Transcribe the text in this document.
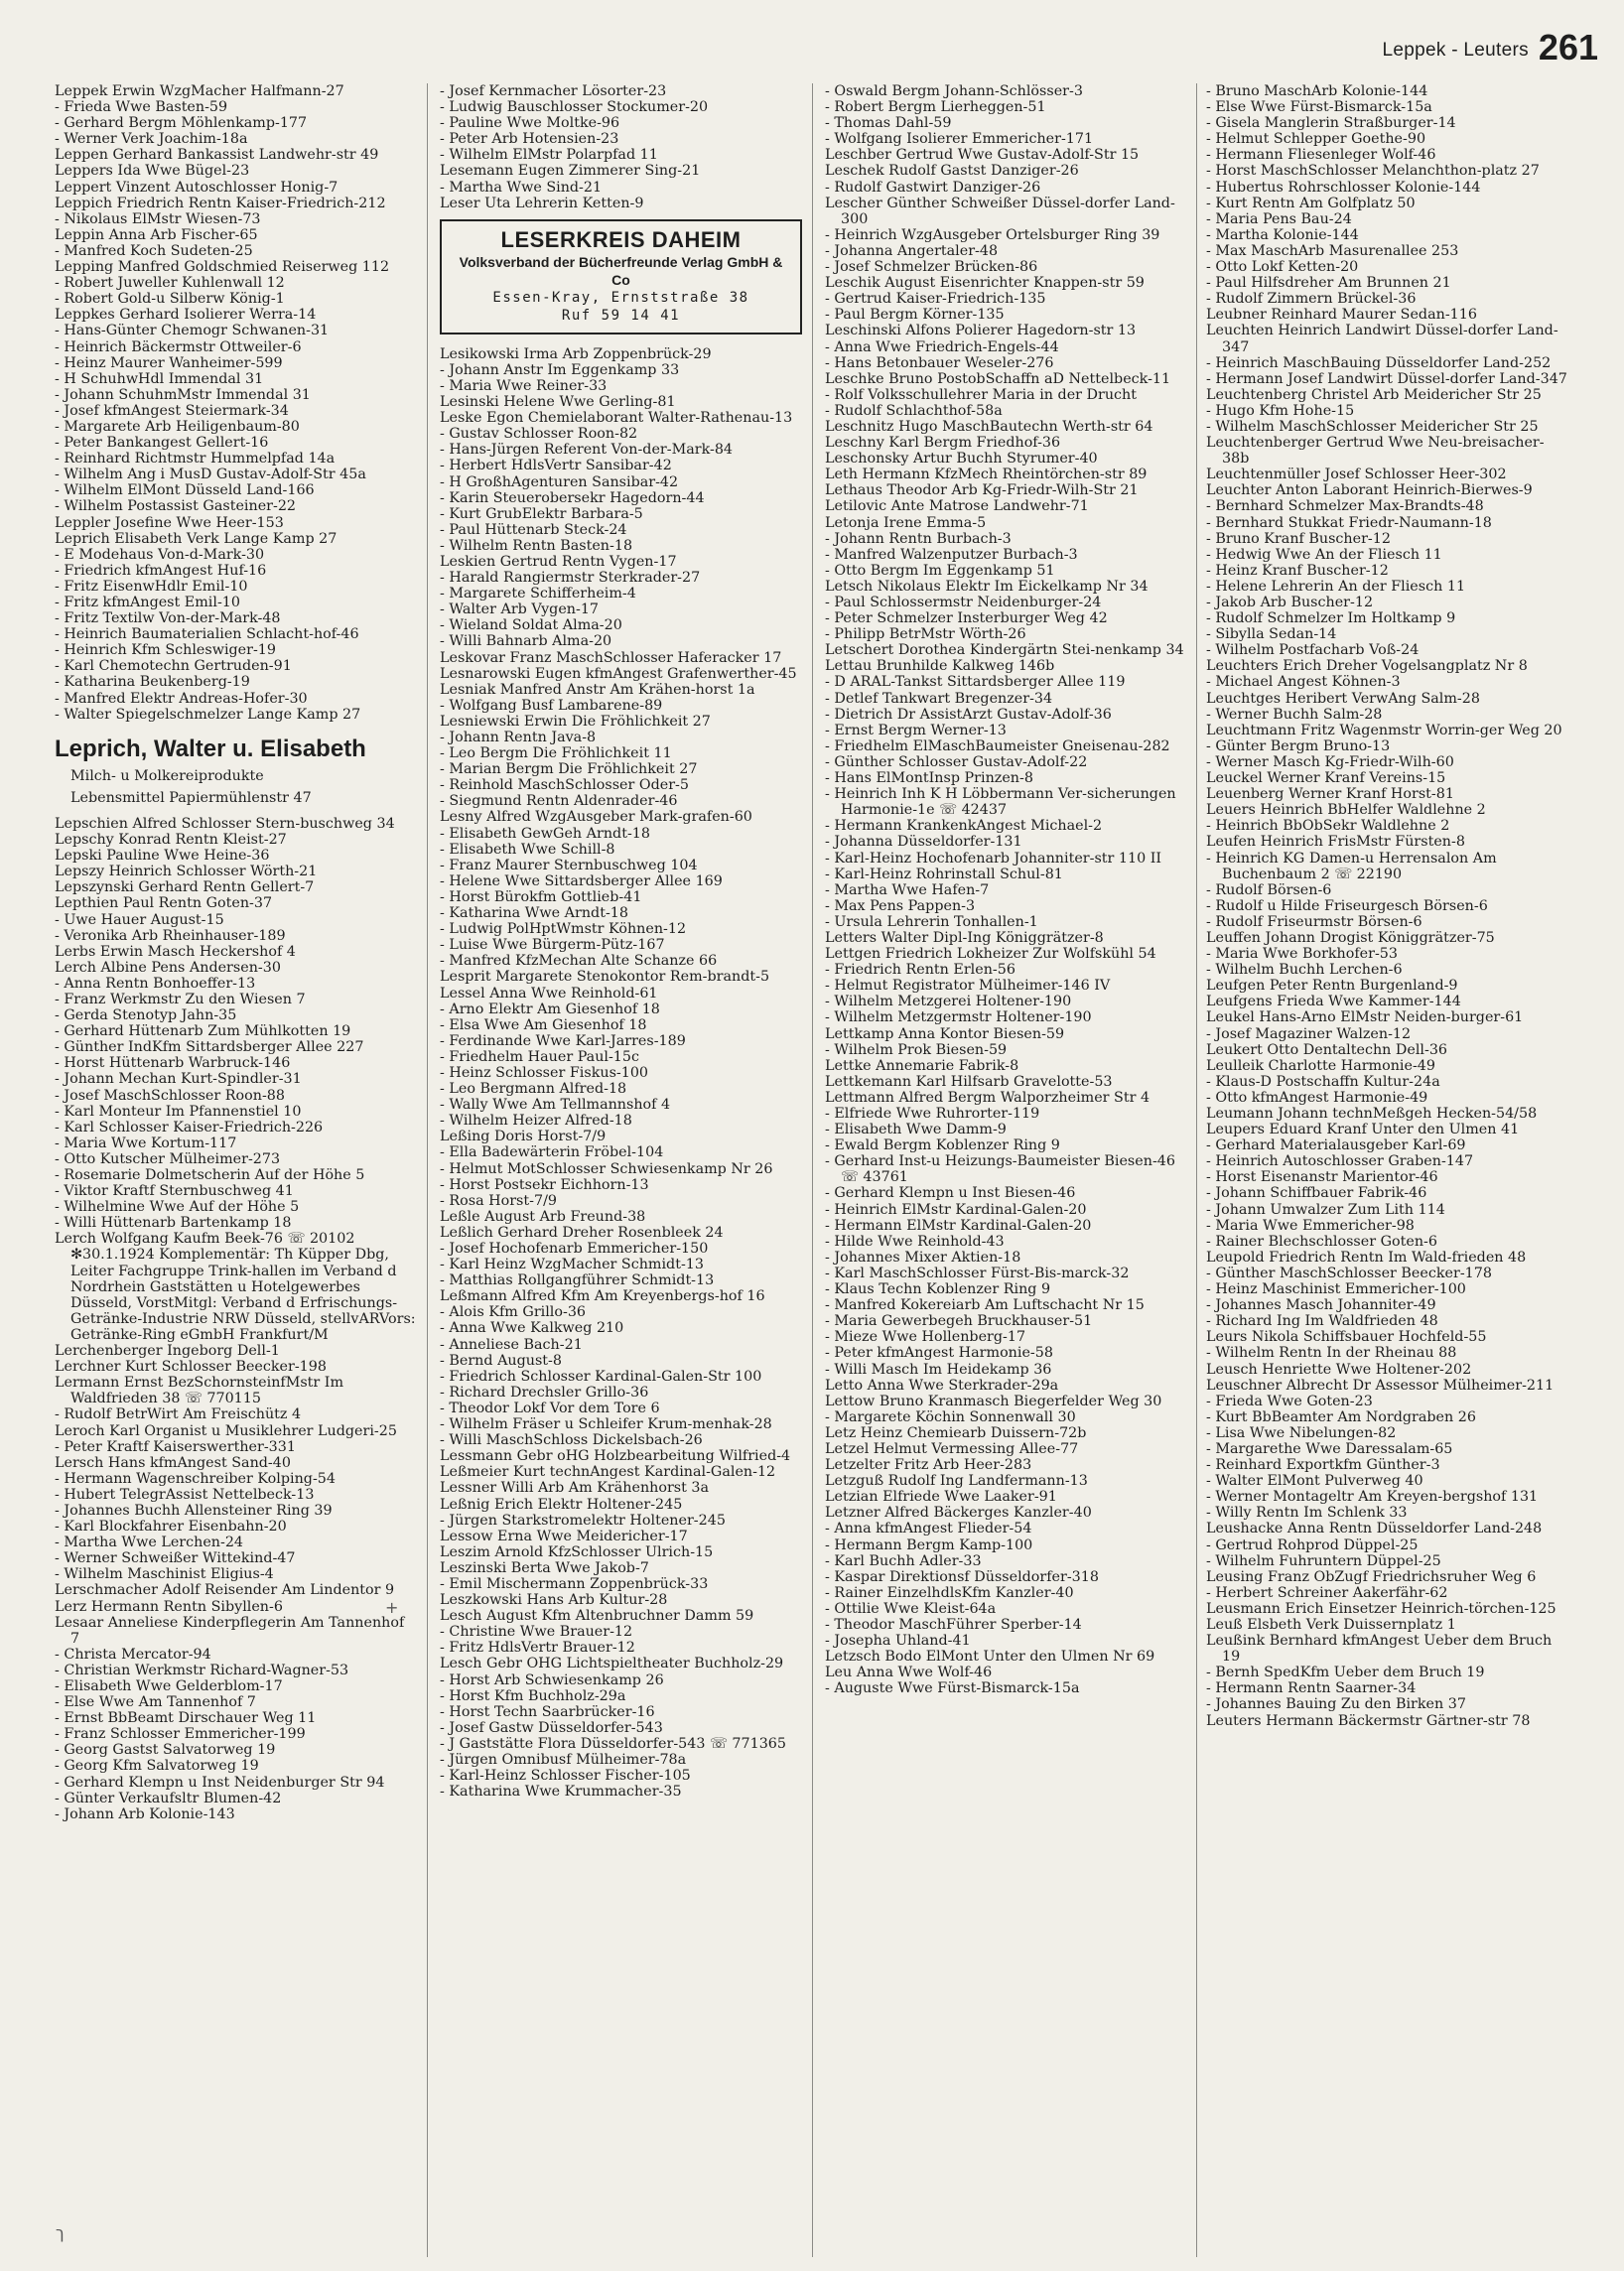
Leppek - Leuters 261
Leppek Erwin WzgMacher Halfmann-27
- Frieda Wwe Basten-59
- Gerhard Bergm Möhlenkamp-177
- Werner Verk Joachim-18a
Leppen Gerhard Bankassist Landwehr-str 49
Leppers Ida Wwe Bügel-23
Leppert Vinzent Autoschlosser Honig-7
Leppich Friedrich Rentn Kaiser-Friedrich-212
- Nikolaus ElMstr Wiesen-73
Leppin Anna Arb Fischer-65
- Manfred Koch Sudeten-25
Lepping Manfred Goldschmied Reiserweg 112
- Robert Juweller Kuhlenwall 12
- Robert Gold-u Silberw König-1
Leppkes Gerhard Isolierer Werra-14
- Hans-Günter Chemogr Schwanen-31
- Heinrich Bäckermstr Ottweiler-6
- Heinz Maurer Wanheimer-599
- H SchuhwHdl Immendal 31
- Johann SchuhmMstr Immendal 31
- Josef kfmAngest Steiermark-34
- Margarete Arb Heiligenbaum-80
- Peter Bankangest Gellert-16
- Reinhard Richtmstr Hummelpfad 14a
- Wilhelm Ang i MusD Gustav-Adolf-Str 45a
- Wilhelm ElMont Düsseld Land-166
- Wilhelm Postassist Gasteiner-22
Leppler Josefine Wwe Heer-153
Leprich Elisabeth Verk Lange Kamp 27
- E Modehaus Von-d-Mark-30
- Friedrich kfmAngest Huf-16
- Fritz EisenwHdlr Emil-10
- Fritz kfmAngest Emil-10
- Fritz Textilw Von-der-Mark-48
- Heinrich Baumaterialien Schlacht-hof-46
- Heinrich Kfm Schleswiger-19
- Karl Chemotechn Gertruden-91
- Katharina Beukenberg-19
- Manfred Elektr Andreas-Hofer-30
- Walter Spiegelschmelzer Lange Kamp 27
Leprich, Walter u. Elisabeth
Milch- u Molkereiprodukte
Lebensmittel Papiermühlenstr 47
Lepschien Alfred Schlosser Stern-buschweg 34
Lepschy Konrad Rentn Kleist-27
Lepski Pauline Wwe Heine-36
Lepszy Heinrich Schlosser Wörth-21
Lepszynski Gerhard Rentn Gellert-7
Lepthien Paul Rentn Goten-37
- Uwe Hauer August-15
- Veronika Arb Rheinhauser-189
Lerbs Erwin Masch Heckershof 4
Lerch Albine Pens Andersen-30
- Anna Rentn Bonhoeffer-13
- Franz Werkmstr Zu den Wiesen 7
- Gerda Stenotyp Jahn-35
- Gerhard Hüttenarb Zum Mühlkotten 19
- Günther IndKfm Sittardsberger Allee 227
- Horst Hüttenarb Warbruck-146
- Johann Mechan Kurt-Spindler-31
- Josef MaschSchlosser Roon-88
- Karl Monteur Im Pfannenstiel 10
- Karl Schlosser Kaiser-Friedrich-226
- Maria Wwe Kortum-117
- Otto Kutscher Mülheimer-273
- Rosemarie Dolmetscherin Auf der Höhe 5
- Viktor Kraftf Sternbuschweg 41
- Wilhelmine Wwe Auf der Höhe 5
- Willi Hüttenarb Bartenkamp 18
Lerch Wolfgang Kaufm Beek-76 ☏ 20102 ✻30.1.1924 Komplementär: Th Küpper Dbg, Leiter Fachgruppe Trink-hallen im Verband d Nordrhein Gaststätten u Hotelgewerbes Düsseld, VorstMitgl: Verband d Erfrischungs-Getränke-Industrie NRW Düsseld, stellvARVors: Getränke-Ring eGmbH Frankfurt/M
Lerchenberger Ingeborg Dell-1
Lerchner Kurt Schlosser Beecker-198
Lermann Ernst BezSchornsteinfMstr Im Waldfrieden 38 ☏ 770115
- Rudolf BetrWirt Am Freischütz 4
Leroch Karl Organist u Musiklehrer Ludgeri-25
- Peter Kraftf Kaiserswerther-331
Lersch Hans kfmAngest Sand-40
- Hermann Wagenschreiber Kolping-54
- Hubert TelegrAssist Nettelbeck-13
- Johannes Buchh Allensteiner Ring 39
- Karl Blockfahrer Eisenbahn-20
- Martha Wwe Lerchen-24
- Werner Schweißer Wittekind-47
- Wilhelm Maschinist Eligius-4
Lerschmacher Adolf Reisender Am Lindentor 9
Lerz Hermann Rentn Sibyllen-6
Lesaar Anneliese Kinderpflegerin Am Tannenhof 7
- Christa Mercator-94
- Christian Werkmstr Richard-Wagner-53
- Elisabeth Wwe Gelderblom-17
- Else Wwe Am Tannenhof 7
- Ernst BbBeamt Dirschauer Weg 11
- Franz Schlosser Emmericher-199
- Georg Gastst Salvatorweg 19
- Georg Kfm Salvatorweg 19
- Gerhard Klempn u Inst Neidenburger Str 94
- Günter Verkaufsltr Blumen-42
- Johann Arb Kolonie-143
- Josef Kernmacher Lösorter-23
- Ludwig Bauschlosser Stockumer-20
- Pauline Wwe Moltke-96
- Peter Arb Hotensien-23
- Wilhelm ElMstr Polarpfad 11
Lesemann Eugen Zimmerer Sing-21
- Martha Wwe Sind-21
Leser Uta Lehrerin Ketten-9
LESERKREIS DAHEIM
Volksverband der Bücherfreunde Verlag GmbH & Co
Essen-Kray, Ernststraße 38
Ruf 59 14 41
Lesikowski Irma Arb Zoppenbrück-29
- Johann Anstr Im Eggenkamp 33
- Maria Wwe Reiner-33
Lesinski Helene Wwe Gerling-81
Leske Egon Chemielaborant Walter-Rathenau-13
- Gustav Schlosser Roon-82
- Hans-Jürgen Referent Von-der-Mark-84
- Herbert HdlsVertr Sansibar-42
- H GroßhAgenturen Sansibar-42
- Karin Steuerobersekr Hagedorn-44
- Kurt GrubElektr Barbara-5
- Paul Hüttenarb Steck-24
- Wilhelm Rentn Basten-18
Leskien Gertrud Rentn Vygen-17
- Harald Rangiermstr Sterkrader-27
- Margarete Schifferheim-4
- Walter Arb Vygen-17
- Wieland Soldat Alma-20
- Willi Bahnarb Alma-20
Leskovar Franz MaschSchlosser Haferacker 17
Lesnarowski Eugen kfmAngest Grafenwerther-45
Lesniak Manfred Anstr Am Krähen-horst 1a
- Wolfgang Busf Lambarene-89
Lesniewski Erwin Die Fröhlichkeit 27
- Johann Rentn Java-8
- Leo Bergm Die Fröhlichkeit 11
- Marian Bergm Die Fröhlichkeit 27
- Reinhold MaschSchlosser Oder-5
- Siegmund Rentn Aldenrader-46
Lesny Alfred WzgAusgeber Mark-grafen-60
- Elisabeth GewGeh Arndt-18
- Elisabeth Wwe Schill-8
- Franz Maurer Sternbuschweg 104
- Helene Wwe Sittardsberger Allee 169
- Horst Bürokfm Gottlieb-41
- Katharina Wwe Arndt-18
- Ludwig PolHptWmstr Köhnen-12
- Luise Wwe Bürgerm-Pütz-167
- Manfred KfzMechan Alte Schanze 66
Lesprit Margarete Stenokontor Rem-brandt-5
Lessel Anna Wwe Reinhold-61
- Arno Elektr Am Giesenhof 18
- Elsa Wwe Am Giesenhof 18
- Ferdinande Wwe Karl-Jarres-189
- Friedhelm Hauer Paul-15c
- Heinz Schlosser Fiskus-100
- Leo Bergmann Alfred-18
- Wally Wwe Am Tellmannshof 4
- Wilhelm Heizer Alfred-18
Leßing Doris Horst-7/9
- Ella Badewärterin Fröbel-104
- Helmut MotSchlosser Schwiesenkamp Nr 26
- Horst Postsekr Eichhorn-13
- Rosa Horst-7/9
Leßle August Arb Freund-38
Leßlich Gerhard Dreher Rosenbleek 24
- Josef Hochofenarb Emmericher-150
- Karl Heinz WzgMacher Schmidt-13
- Matthias Rollgangführer Schmidt-13
Leßmann Alfred Kfm Am Kreyenbergs-hof 16
- Alois Kfm Grillo-36
- Anna Wwe Kalkweg 210
- Anneliese Bach-21
- Bernd August-8
- Friedrich Schlosser Kardinal-Galen-Str 100
- Richard Drechsler Grillo-36
- Theodor Lokf Vor dem Tore 6
- Wilhelm Fräser u Schleifer Krum-menhak-28
- Willi MaschSchloss Dickelsbach-26
Lessmann Gebr oHG Holzbearbeitung Wilfried-4
Leßmeier Kurt technAngest Kardinal-Galen-12
Lessner Willi Arb Am Krähenhorst 3a
Leßnig Erich Elektr Holtener-245
- Jürgen Starkstromelektr Holtener-245
Lessow Erna Wwe Meidericher-17
Leszim Arnold KfzSchlosser Ulrich-15
Leszinski Berta Wwe Jakob-7
- Emil Mischermann Zoppenbrück-33
Leszkowski Hans Arb Kultur-28
Lesch August Kfm Altenbruchner Damm 59
- Christine Wwe Brauer-12
- Fritz HdlsVertr Brauer-12
Lesch Gebr OHG Lichtspieltheater Buchholz-29
- Horst Arb Schwiesenkamp 26
- Horst Kfm Buchholz-29a
- Horst Techn Saarbrücker-16
- Josef Gastw Düsseldorfer-543
- J Gaststätte Flora Düsseldorfer-543 ☏ 771365
- Jürgen Omnibusf Mülheimer-78a
- Karl-Heinz Schlosser Fischer-105
- Katharina Wwe Krummacher-35
- Oswald Bergm Johann-Schlösser-3
- Robert Bergm Lierheggen-51
- Thomas Dahl-59
- Wolfgang Isolierer Emmericher-171
Leschber Gertrud Wwe Gustav-Adolf-Str 15
Leschek Rudolf Gastst Danziger-26
- Rudolf Gastwirt Danziger-26
Lescher Günther Schweißer Düssel-dorfer Land-300
- Heinrich WzgAusgeber Ortelsburger Ring 39
- Johanna Angertaler-48
- Josef Schmelzer Brücken-86
Leschik August Eisenrichter Knappen-str 59
- Gertrud Kaiser-Friedrich-135
- Paul Bergm Körner-135
Leschinski Alfons Polierer Hagedorn-str 13
- Anna Wwe Friedrich-Engels-44
- Hans Betonbauer Weseler-276
Leschke Bruno PostobSchaffn aD Nettelbeck-11
- Rolf Volksschullehrer Maria in der Drucht
- Rudolf Schlachthof-58a
Leschnitz Hugo MaschBautechn Werth-str 64
Leschny Karl Bergm Friedhof-36
Leschonsky Artur Buchh Styrumer-40
Leth Hermann KfzMech Rheintörchen-str 89
Lethaus Theodor Arb Kg-Friedr-Wilh-Str 21
Letilovic Ante Matrose Landwehr-71
Letonja Irene Emma-5
- Johann Rentn Burbach-3
- Manfred Walzenputzer Burbach-3
- Otto Bergm Im Eggenkamp 51
Letsch Nikolaus Elektr Im Eickelkamp Nr 34
- Paul Schlossermstr Neidenburger-24
- Peter Schmelzer Insterburger Weg 42
- Philipp BetrMstr Wörth-26
Letschert Dorothea Kindergärtn Stei-nenkamp 34
Lettau Brunhilde Kalkweg 146b
- D ARAL-Tankst Sittardsberger Allee 119
- Detlef Tankwart Bregenzer-34
- Dietrich Dr AssistArzt Gustav-Adolf-36
- Ernst Bergm Werner-13
- Friedhelm ElMaschBaumeister Gneisenau-282
- Günther Schlosser Gustav-Adolf-22
- Hans ElMontInsp Prinzen-8
- Heinrich Inh K H Löbbermann Ver-sicherungen Harmonie-1e ☏ 42437
- Hermann KrankenkAngest Michael-2
- Johanna Düsseldorfer-131
- Karl-Heinz Hochofenarb Johanniter-str 110 II
- Karl-Heinz Rohrinstall Schul-81
- Martha Wwe Hafen-7
- Max Pens Pappen-3
- Ursula Lehrerin Tonhallen-1
Letters Walter Dipl-Ing Königgrätzer-8
Lettgen Friedrich Lokheizer Zur Wolfskühl 54
- Friedrich Rentn Erlen-56
- Helmut Registrator Mülheimer-146 IV
- Wilhelm Metzgerei Holtener-190
- Wilhelm Metzgermstr Holtener-190
Lettkamp Anna Kontor Biesen-59
- Wilhelm Prok Biesen-59
Lettke Annemarie Fabrik-8
Lettkemann Karl Hilfsarb Gravelotte-53
Lettmann Alfred Bergm Walporzheimer Str 4
- Elfriede Wwe Ruhrorter-119
- Elisabeth Wwe Damm-9
- Ewald Bergm Koblenzer Ring 9
- Gerhard Inst-u Heizungs-Baumeister Biesen-46 ☏ 43761
- Gerhard Klempn u Inst Biesen-46
- Heinrich ElMstr Kardinal-Galen-20
- Hermann ElMstr Kardinal-Galen-20
- Hilde Wwe Reinhold-43
- Johannes Mixer Aktien-18
- Karl MaschSchlosser Fürst-Bis-marck-32
- Klaus Techn Koblenzer Ring 9
- Manfred Kokereiarb Am Luftschacht Nr 15
- Maria Gewerbegeh Bruckhauser-51
- Mieze Wwe Hollenberg-17
- Peter kfmAngest Harmonie-58
- Willi Masch Im Heidekamp 36
Letto Anna Wwe Sterkrader-29a
Lettow Bruno Kranmasch Biegerfelder Weg 30
- Margarete Köchin Sonnenwall 30
Letz Heinz Chemiearb Duissern-72b
Letzel Helmut Vermessing Allee-77
Letzelter Fritz Arb Heer-283
Letzguß Rudolf Ing Landfermann-13
Letzian Elfriede Wwe Laaker-91
Letzner Alfred Bäckerges Kanzler-40
- Anna kfmAngest Flieder-54
- Hermann Bergm Kamp-100
- Karl Buchh Adler-33
- Kaspar Direktionsf Düsseldorfer-318
- Rainer EinzelhdlsKfm Kanzler-40
- Ottilie Wwe Kleist-64a
- Theodor MaschFührer Sperber-14
- Josepha Uhland-41
Letzsch Bodo ElMont Unter den Ulmen Nr 69
Leu Anna Wwe Wolf-46
- Auguste Wwe Fürst-Bismarck-15a
- Bruno MaschArb Kolonie-144
- Else Wwe Fürst-Bismarck-15a
- Gisela Manglerin Straßburger-14
- Helmut Schlepper Goethe-90
- Hermann Fliesenleger Wolf-46
- Horst MaschSchlosser Melanchthon-platz 27
- Hubertus Rohrschlosser Kolonie-144
- Kurt Rentn Am Golfplatz 50
- Maria Pens Bau-24
- Martha Kolonie-144
- Max MaschArb Masurenallee 253
- Otto Lokf Ketten-20
- Paul Hilfsdreher Am Brunnen 21
- Rudolf Zimmern Brückel-36
Leubner Reinhard Maurer Sedan-116
Leuchten Heinrich Landwirt Düssel-dorfer Land-347
- Heinrich MaschBauing Düsseldorfer Land-252
- Hermann Josef Landwirt Düssel-dorfer Land-347
Leuchtenberg Christel Arb Meidericher Str 25
- Hugo Kfm Hohe-15
- Wilhelm MaschSchlosser Meidericher Str 25
Leuchtenberger Gertrud Wwe Neu-breisacher-38b
Leuchtenmüller Josef Schlosser Heer-302
Leuchter Anton Laborant Heinrich-Bierwes-9
- Bernhard Schmelzer Max-Brandts-48
- Bernhard Stukkat Friedr-Naumann-18
- Bruno Kranf Buscher-12
- Hedwig Wwe An der Fliesch 11
- Heinz Kranf Buscher-12
- Helene Lehrerin An der Fliesch 11
- Jakob Arb Buscher-12
- Rudolf Schmelzer Im Holtkamp 9
- Sibylla Sedan-14
- Wilhelm Postfacharb Voß-24
Leuchters Erich Dreher Vogelsangplatz Nr 8
- Michael Angest Köhnen-3
Leuchtges Heribert VerwAng Salm-28
- Werner Buchh Salm-28
Leuchtmann Fritz Wagenmstr Worrin-ger Weg 20
- Günter Bergm Bruno-13
- Werner Masch Kg-Friedr-Wilh-60
Leuckel Werner Kranf Vereins-15
Leuenberg Werner Kranf Horst-81
Leuers Heinrich BbHelfer Waldlehne 2
- Heinrich BbObSekr Waldlehne 2
Leufen Heinrich FrisMstr Fürsten-8
- Heinrich KG Damen-u Herrensalon Am Buchenbaum 2 ☏ 22190
- Rudolf Börsen-6
- Rudolf u Hilde Friseurgesch Börsen-6
- Rudolf Friseurmstr Börsen-6
Leuffen Johann Drogist Königgrätzer-75
- Maria Wwe Borkhofer-53
- Wilhelm Buchh Lerchen-6
Leufgen Peter Rentn Burgenland-9
Leufgens Frieda Wwe Kammer-144
Leukel Hans-Arno ElMstr Neiden-burger-61
- Josef Magaziner Walzen-12
Leukert Otto Dentaltechn Dell-36
Leulleik Charlotte Harmonie-49
- Klaus-D Postschaffn Kultur-24a
- Otto kfmAngest Harmonie-49
Leumann Johann technMeßgeh Hecken-54/58
Leupers Eduard Kranf Unter den Ulmen 41
- Gerhard Materialausgeber Karl-69
- Heinrich Autoschlosser Graben-147
- Horst Eisenanstr Marientor-46
- Johann Schiffbauer Fabrik-46
- Johann Umwalzer Zum Lith 114
- Maria Wwe Emmericher-98
- Rainer Blechschlosser Goten-6
Leupold Friedrich Rentn Im Wald-frieden 48
- Günther MaschSchlosser Beecker-178
- Heinz Maschinist Emmericher-100
- Johannes Masch Johanniter-49
- Richard Ing Im Waldfrieden 48
Leurs Nikola Schiffsbauer Hochfeld-55
- Wilhelm Rentn In der Rheinau 88
Leusch Henriette Wwe Holtener-202
Leuschner Albrecht Dr Assessor Mülheimer-211
- Frieda Wwe Goten-23
- Kurt BbBeamter Am Nordgraben 26
- Lisa Wwe Nibelungen-82
- Margarethe Wwe Daressalam-65
- Reinhard Exportkfm Günther-3
- Walter ElMont Pulverweg 40
- Werner Montageltr Am Kreyen-bergshof 131
- Willy Rentn Im Schlenk 33
Leushacke Anna Rentn Düsseldorfer Land-248
- Gertrud Rohprod Düppel-25
- Wilhelm Fuhruntern Düppel-25
Leusing Franz ObZugf Friedrichsruher Weg 6
- Herbert Schreiner Aakerfähr-62
Leusmann Erich Einsetzer Heinrich-törchen-125
Leuß Elsbeth Verk Duissernplatz 1
Leußink Bernhard kfmAngest Ueber dem Bruch 19
- Bernh SpedKfm Ueber dem Bruch 19
- Hermann Rentn Saarner-34
- Johannes Bauing Zu den Birken 37
Leuters Hermann Bäckermstr Gärtner-str 78
+
ך
